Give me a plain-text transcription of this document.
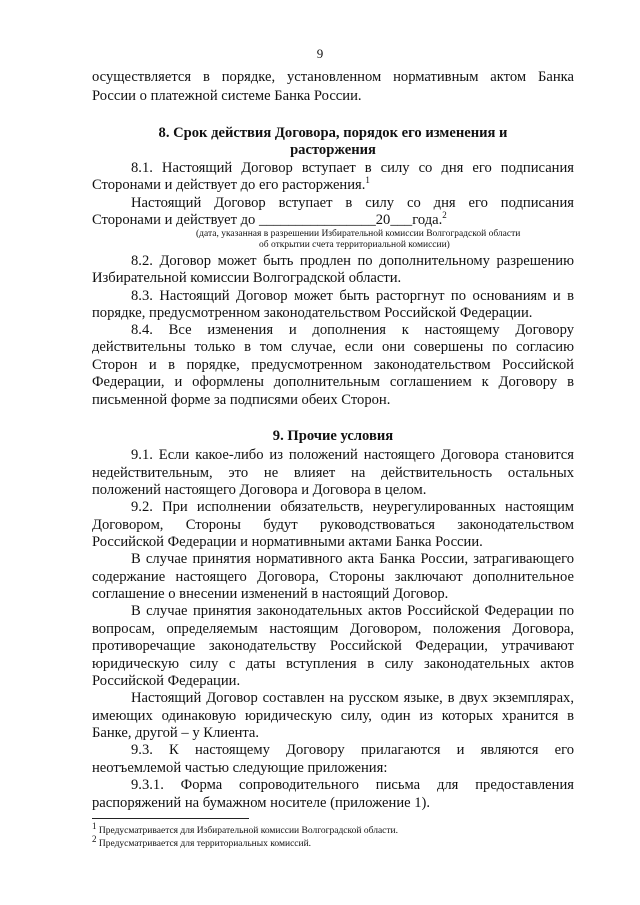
9
осуществляется в порядке, установленном нормативным актом Банка
России о платежной системе Банка России.
8. Срок действия Договора, порядок его изменения и
расторжения
8.1. Настоящий Договор вступает в силу со дня его подписания
Сторонами и действует до его расторжения.$^1$
Настоящий Договор вступает в силу со дня его подписания
Сторонами и действует до ________________20___года.$^2$
(дата, указанная в разрешении Избирательной комиссии Волгоградской области
об открытии счета территориальной комиссии)
8.2. Договор может быть продлен по дополнительному разрешению
Избирательной комиссии Волгоградской области.
8.3. Настоящий Договор может быть расторгнут по основаниям и в
порядке, предусмотренном законодательством Российской Федерации.
8.4. Все изменения и дополнения к настоящему Договору
действительны только в том случае, если они совершены по согласию
Сторон и в порядке, предусмотренном законодательством Российской
Федерации, и оформлены дополнительным соглашением к Договору в
письменной форме за подписями обеих Сторон.
9. Прочие условия
9.1. Если какое-либо из положений настоящего Договора становится
недействительным, это не влияет на действительность остальных
положений настоящего Договора и Договора в целом.
9.2. При исполнении обязательств, неурегулированных настоящим
Договором, Стороны будут руководствоваться законодательством
Российской Федерации и нормативными актами Банка России.
В случае принятия нормативного акта Банка России, затрагивающего
содержание настоящего Договора, Стороны заключают дополнительное
соглашение о внесении изменений в настоящий Договор.
В случае принятия законодательных актов Российской Федерации по
вопросам, определяемым настоящим Договором, положения Договора,
противоречащие законодательству Российской Федерации, утрачивают
юридическую силу с даты вступления в силу законодательных актов
Российской Федерации.
Настоящий Договор составлен на русском языке, в двух экземплярах,
имеющих одинаковую юридическую силу, один из которых хранится в
Банке, другой – у Клиента.
9.3. К настоящему Договору прилагаются и являются его
неотъемлемой частью следующие приложения:
9.3.1. Форма сопроводительного письма для предоставления
распоряжений на бумажном носителе (приложение 1).
$^1$ Предусматривается для Избирательной комиссии Волгоградской области.
$^2$ Предусматривается для территориальных комиссий.
